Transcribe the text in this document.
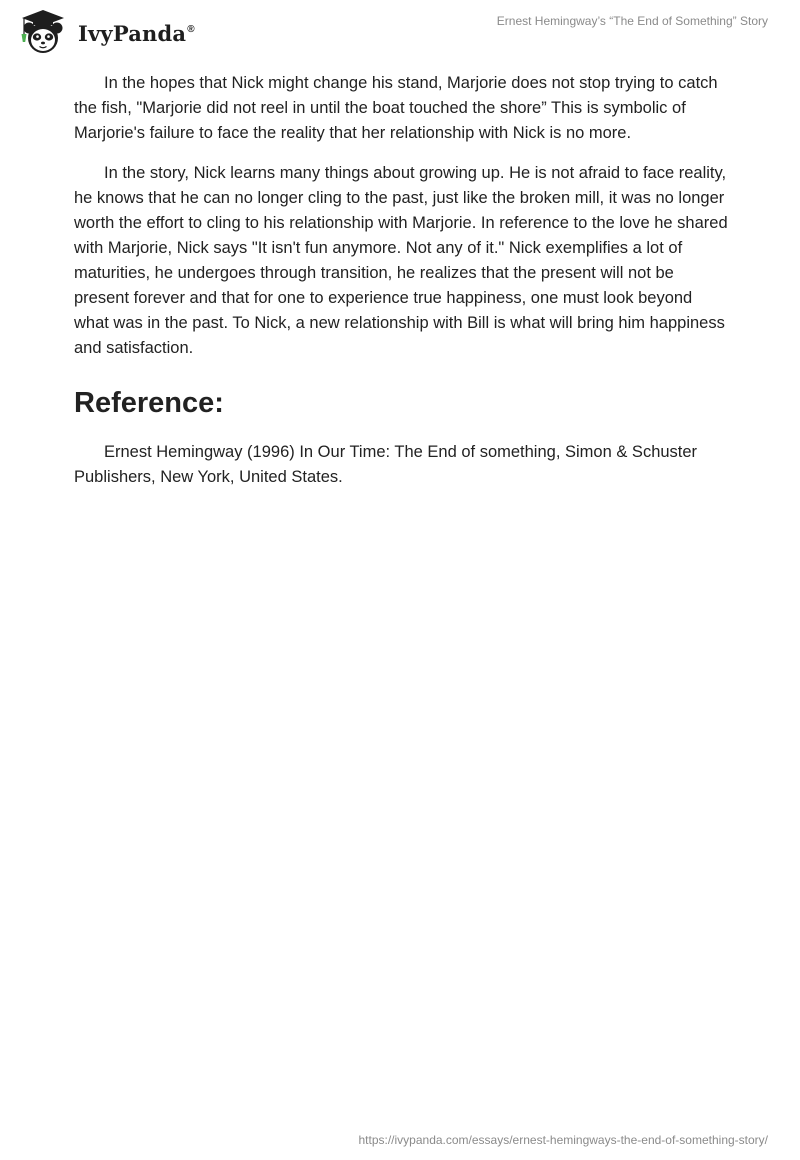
IvyPanda®
Ernest Hemingway’s “The End of Something” Story

In the hopes that Nick might change his stand, Marjorie does not stop trying to catch the fish, "Marjorie did not reel in until the boat touched the shore” This is symbolic of Marjorie's failure to face the reality that her relationship with Nick is no more.

In the story, Nick learns many things about growing up. He is not afraid to face reality, he knows that he can no longer cling to the past, just like the broken mill, it was no longer worth the effort to cling to his relationship with Marjorie. In reference to the love he shared with Marjorie, Nick says "It isn't fun anymore. Not any of it." Nick exemplifies a lot of maturities, he undergoes through transition, he realizes that the present will not be present forever and that for one to experience true happiness, one must look beyond what was in the past. To Nick, a new relationship with Bill is what will bring him happiness and satisfaction.

Reference:

Ernest Hemingway (1996) In Our Time: The End of something, Simon & Schuster Publishers, New York, United States.

https://ivypanda.com/essays/ernest-hemingways-the-end-of-something-story/
